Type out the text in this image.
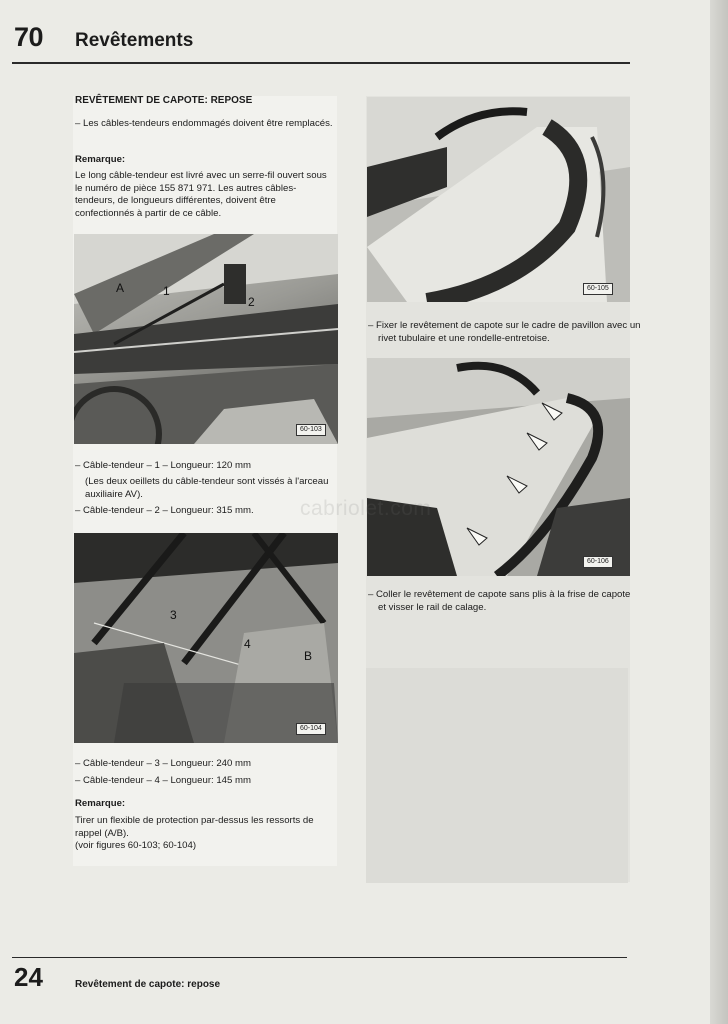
70 Revêtements
REVÊTEMENT DE CAPOTE: REPOSE
– Les câbles-tendeurs endommagés doivent être remplacés.
Remarque:
Le long câble-tendeur est livré avec un serre-fil ouvert sous le numéro de pièce 155 871 971. Les autres câbles-tendeurs, de longueurs différentes, doivent être confectionnés à partir de ce câble.
A	1
2
60-103
– Câble-tendeur – 1 – Longueur: 120 mm
(Les deux oeillets du câble-tendeur sont vissés à l'arceau auxiliaire AV).
– Câble-tendeur – 2 – Longueur: 315 mm.
3
4
B
60-104
– Câble-tendeur – 3 – Longueur: 240 mm
– Câble-tendeur – 4 – Longueur: 145 mm
Remarque:
Tirer un flexible de protection par-dessus les ressorts de rappel (A/B).
(voir figures 60-103; 60-104)
60-105
– Fixer le revêtement de capote sur le cadre de pavillon avec un rivet tubulaire et une rondelle-entretoise.
60-106
– Coller le revêtement de capote sans plis à la frise de capote et visser le rail de calage.
cabriolet.com
24	Revêtement de capote: repose
